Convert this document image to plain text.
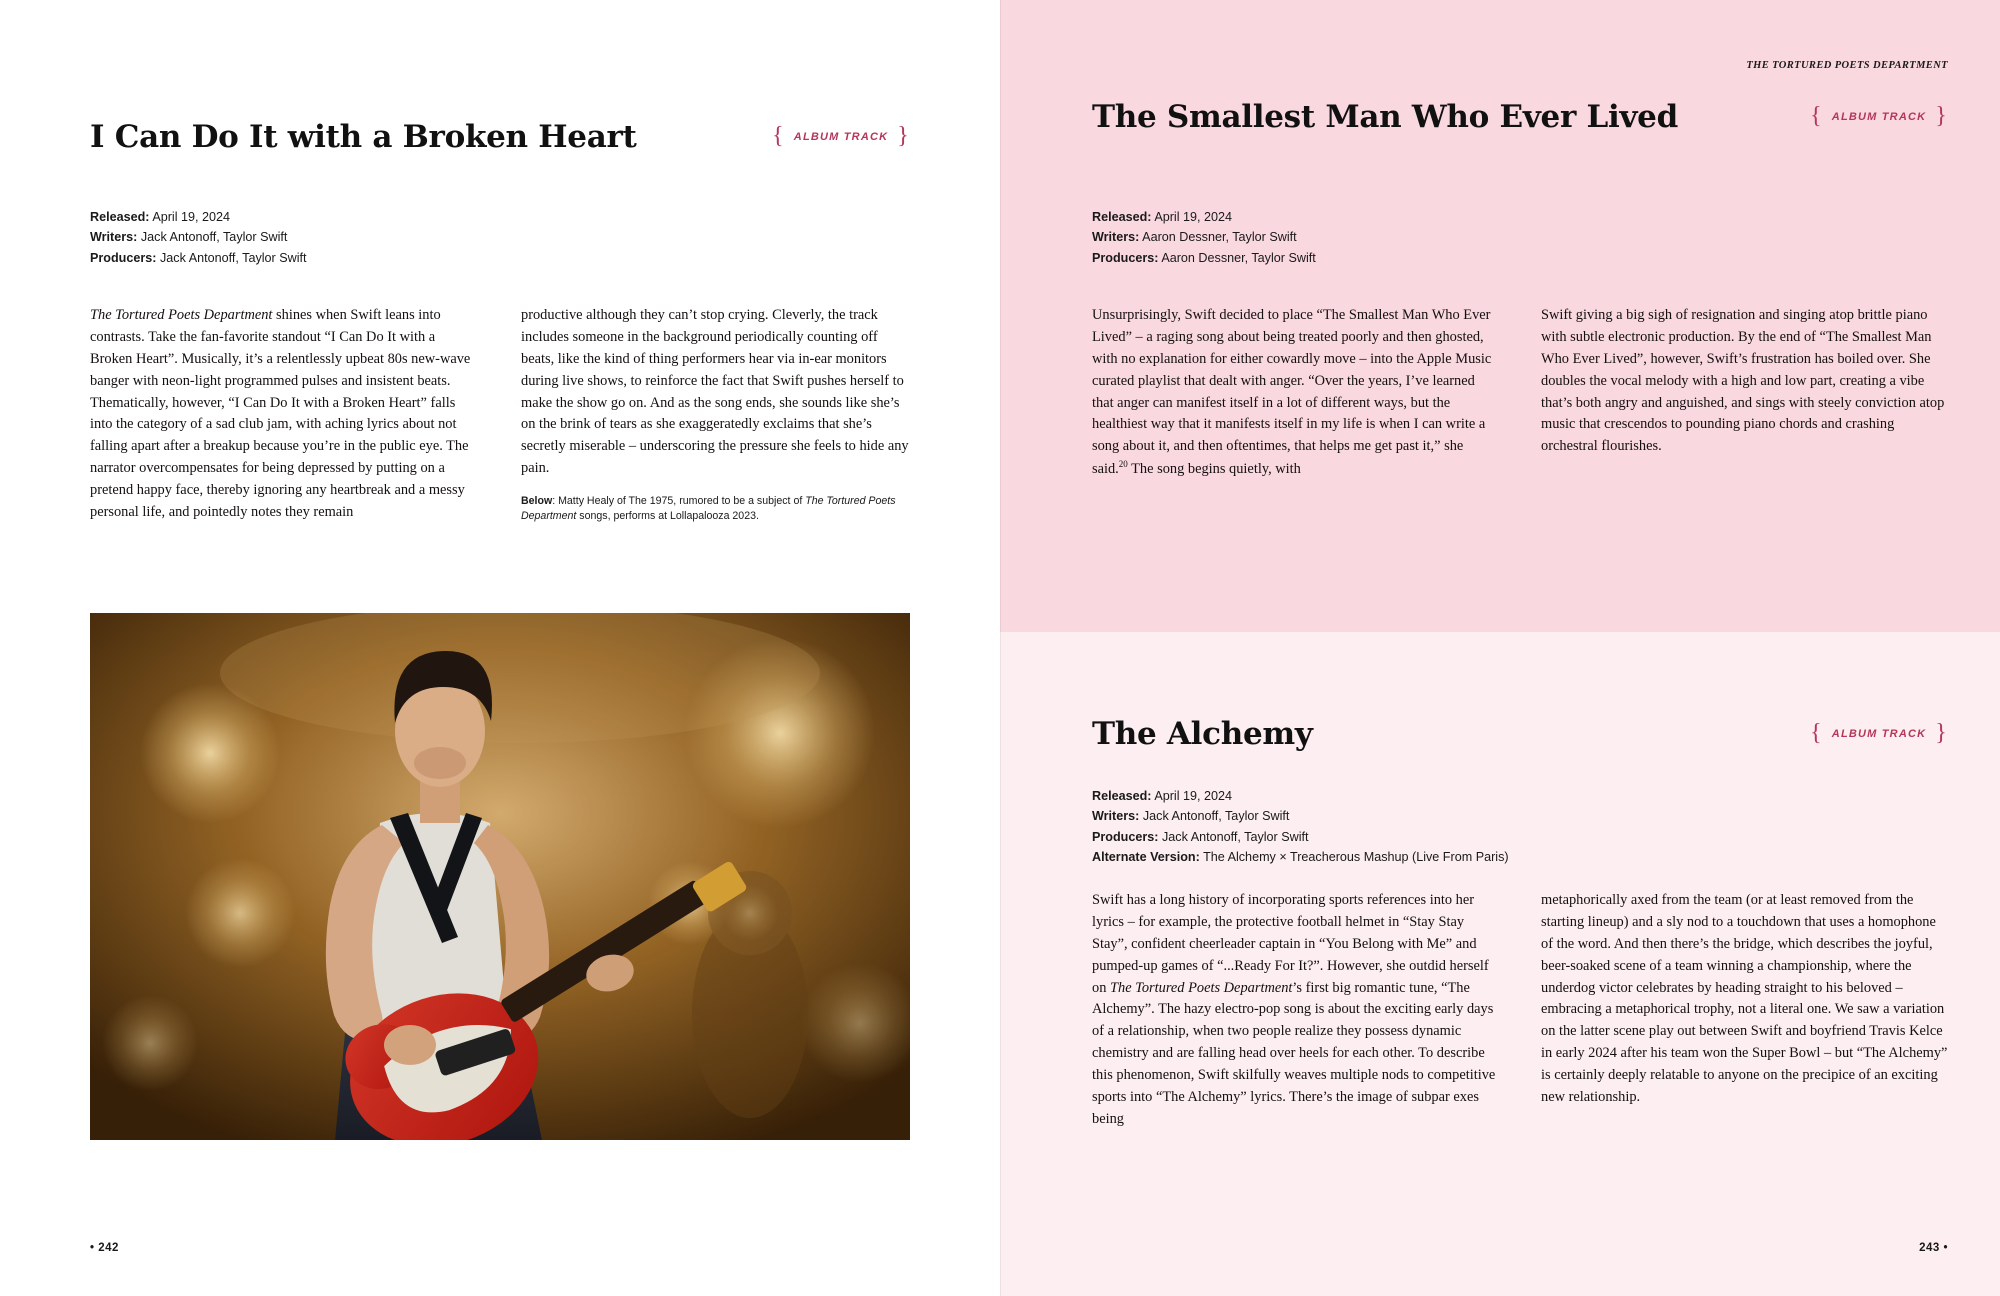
I Can Do It with a Broken Heart	{ ALBUM TRACK }
Released: April 19, 2024
Writers: Jack Antonoff, Taylor Swift
Producers: Jack Antonoff, Taylor Swift

The Tortured Poets Department shines when Swift leans into contrasts. Take the fan-favorite standout “I Can Do It with a Broken Heart”. Musically, it’s a relentlessly upbeat 80s new-wave banger with neon-light programmed pulses and insistent beats. Thematically, however, “I Can Do It with a Broken Heart” falls into the category of a sad club jam, with aching lyrics about not falling apart after a breakup because you’re in the public eye. The narrator overcompensates for being depressed by putting on a pretend happy face, thereby ignoring any heartbreak and a messy personal life, and pointedly notes they remain

productive although they can’t stop crying. Cleverly, the track includes someone in the background periodically counting off beats, like the kind of thing performers hear via in-ear monitors during live shows, to reinforce the fact that Swift pushes herself to make the show go on. And as the song ends, she sounds like she’s on the brink of tears as she exaggeratedly exclaims that she’s secretly miserable – underscoring the pressure she feels to hide any pain.

Below: Matty Healy of The 1975, rumored to be a subject of The Tortured Poets Department songs, performs at Lollapalooza 2023.
• 242
THE TORTURED POETS DEPARTMENT
The Smallest Man Who Ever Lived	{ ALBUM TRACK }
Released: April 19, 2024
Writers: Aaron Dessner, Taylor Swift
Producers: Aaron Dessner, Taylor Swift

Unsurprisingly, Swift decided to place “The Smallest Man Who Ever Lived” – a raging song about being treated poorly and then ghosted, with no explanation for either cowardly move – into the Apple Music curated playlist that dealt with anger. “Over the years, I’ve learned that anger can manifest itself in a lot of different ways, but the healthiest way that it manifests itself in my life is when I can write a song about it, and then oftentimes, that helps me get past it,” she said.$^{20}$ The song begins quietly, with

Swift giving a big sigh of resignation and singing atop brittle piano with subtle electronic production. By the end of “The Smallest Man Who Ever Lived”, however, Swift’s frustration has boiled over. She doubles the vocal melody with a high and low part, creating a vibe that’s both angry and anguished, and sings with steely conviction atop music that crescendos to pounding piano chords and crashing orchestral flourishes.

The Alchemy	{ ALBUM TRACK }
Released: April 19, 2024
Writers: Jack Antonoff, Taylor Swift
Producers: Jack Antonoff, Taylor Swift
Alternate Version: The Alchemy × Treacherous Mashup (Live From Paris)

Swift has a long history of incorporating sports references into her lyrics – for example, the protective football helmet in “Stay Stay Stay”, confident cheerleader captain in “You Belong with Me” and pumped-up games of “...Ready For It?”. However, she outdid herself on The Tortured Poets Department’s first big romantic tune, “The Alchemy”. The hazy electro-pop song is about the exciting early days of a relationship, when two people realize they possess dynamic chemistry and are falling head over heels for each other. To describe this phenomenon, Swift skilfully weaves multiple nods to competitive sports into “The Alchemy” lyrics. There’s the image of subpar exes being

metaphorically axed from the team (or at least removed from the starting lineup) and a sly nod to a touchdown that uses a homophone of the word. And then there’s the bridge, which describes the joyful, beer-soaked scene of a team winning a championship, where the underdog victor celebrates by heading straight to his beloved – embracing a metaphorical trophy, not a literal one. We saw a variation on the latter scene play out between Swift and boyfriend Travis Kelce in early 2024 after his team won the Super Bowl – but “The Alchemy” is certainly deeply relatable to anyone on the precipice of an exciting new relationship.

243 •
